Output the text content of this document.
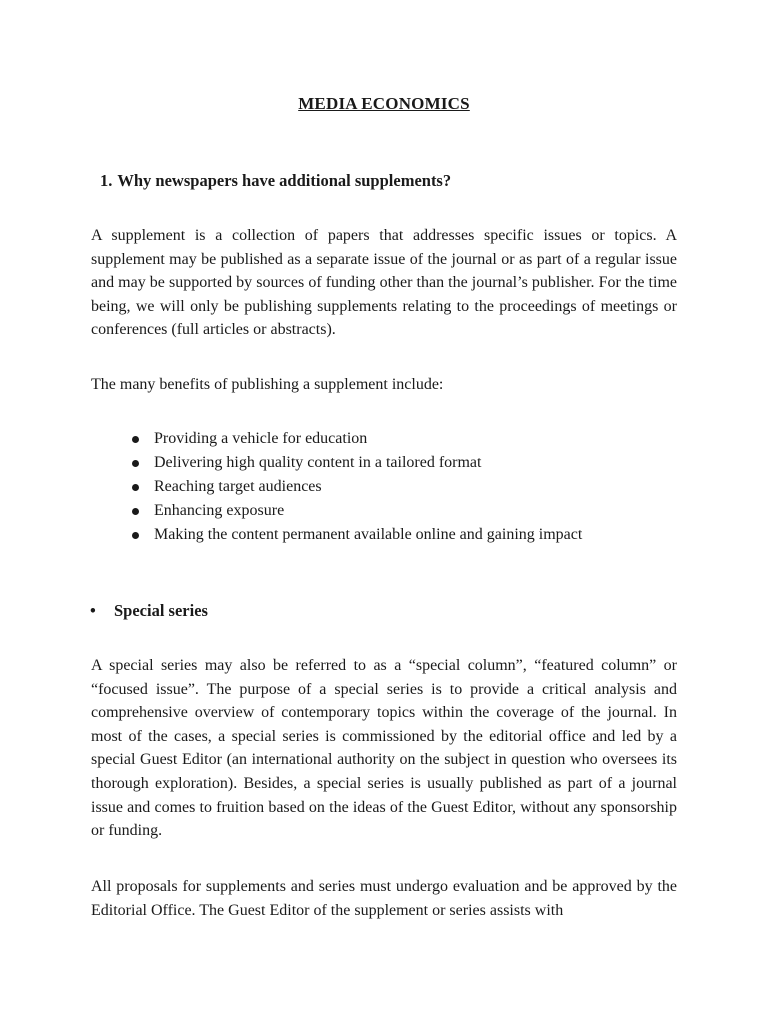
MEDIA ECONOMICS
1. Why newspapers have additional supplements?
A supplement is a collection of papers that addresses specific issues or topics. A supplement may be published as a separate issue of the journal or as part of a regular issue and may be supported by sources of funding other than the journal’s publisher. For the time being, we will only be publishing supplements relating to the proceedings of meetings or conferences (full articles or abstracts).
The many benefits of publishing a supplement include:
Providing a vehicle for education
Delivering high quality content in a tailored format
Reaching target audiences
Enhancing exposure
Making the content permanent available online and gaining impact
• Special series
A special series may also be referred to as a “special column”, “featured column” or “focused issue”. The purpose of a special series is to provide a critical analysis and comprehensive overview of contemporary topics within the coverage of the journal. In most of the cases, a special series is commissioned by the editorial office and led by a special Guest Editor (an international authority on the subject in question who oversees its thorough exploration). Besides, a special series is usually published as part of a journal issue and comes to fruition based on the ideas of the Guest Editor, without any sponsorship or funding.
All proposals for supplements and series must undergo evaluation and be approved by the Editorial Office. The Guest Editor of the supplement or series assists with
